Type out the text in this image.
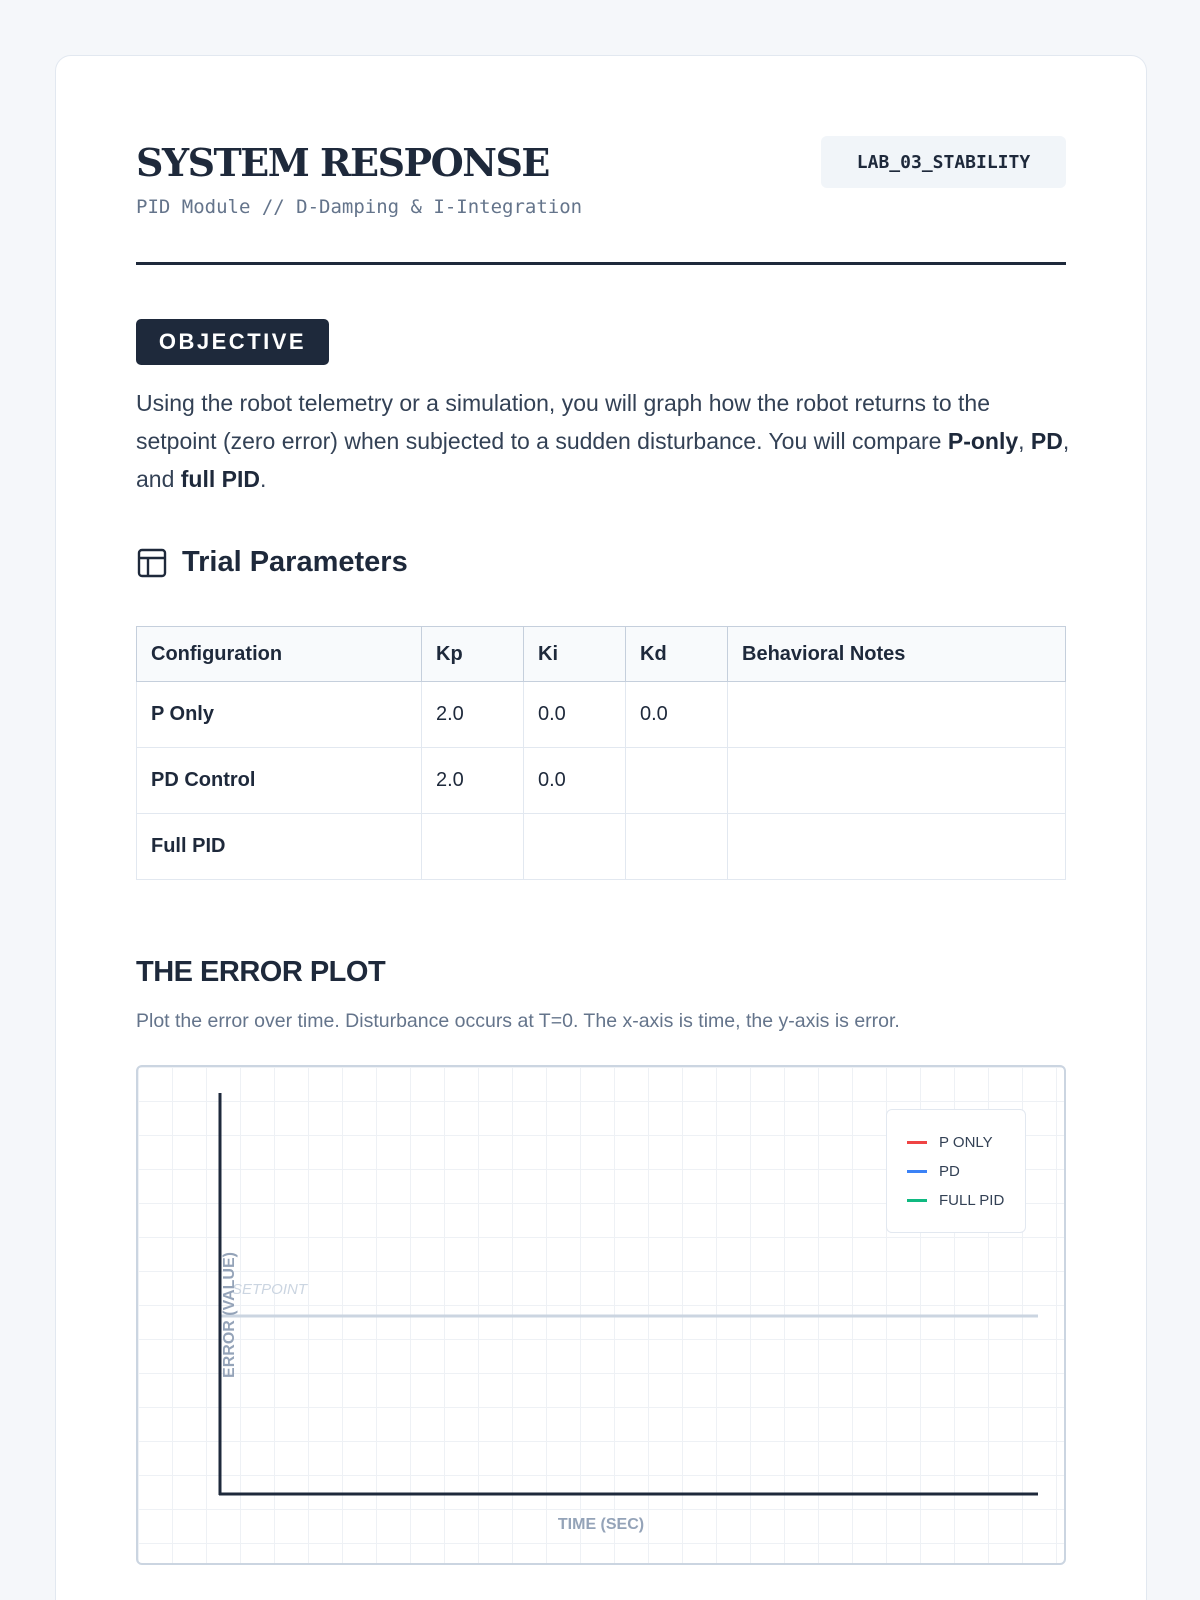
SYSTEM RESPONSE
PID Module // D-Damping & I-Integration
LAB_03_STABILITY
OBJECTIVE

Using the robot telemetry or a simulation, you will graph how the robot returns to the setpoint (zero error) when subjected to a sudden disturbance. You will compare P-only, PD, and full PID.

Trial Parameters
Configuration	Kp	Ki	Kd	Behavioral Notes
P Only	2.0	0.0	0.0	
PD Control	2.0	0.0		
Full PID				
THE ERROR PLOT

Plot the error over time. Disturbance occurs at T=0. The x-axis is time, the y-axis is error.

SETPOINT
TIME (SEC)
ERROR (VALUE)
P ONLY
PD
FULL PID
